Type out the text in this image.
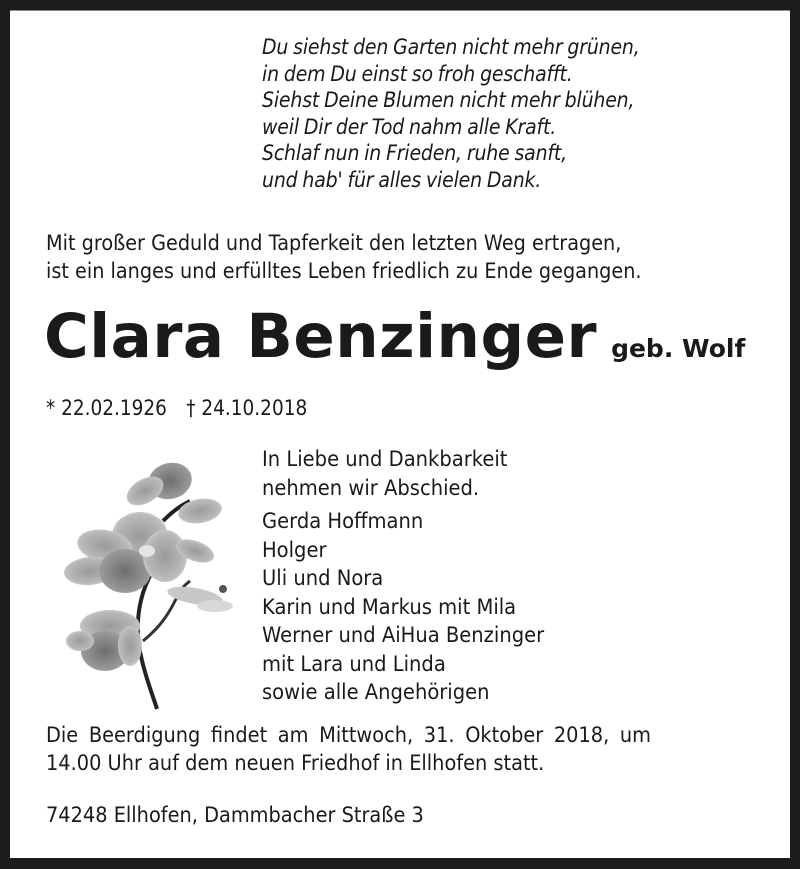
Du siehst den Garten nicht mehr grünen,
in dem Du einst so froh geschafft.
Siehst Deine Blumen nicht mehr blühen,
weil Dir der Tod nahm alle Kraft.
Schlaf nun in Frieden, ruhe sanft,
und hab' für alles vielen Dank.
Mit großer Geduld und Tapferkeit den letzten Weg ertragen,
ist ein langes und erfülltes Leben friedlich zu Ende gegangen.
Clara Benzinger geb. Wolf
* 22.02.1926 † 24.10.2018
In Liebe und Dankbarkeit
nehmen wir Abschied.
Gerda Hoffmann
Holger
Uli und Nora
Karin und Markus mit Mila
Werner und AiHua Benzinger
mit Lara und Linda
sowie alle Angehörigen
Die Beerdigung findet am Mittwoch, 31. Oktober 2018, um
14.00 Uhr auf dem neuen Friedhof in Ellhofen statt.
74248 Ellhofen, Dammbacher Straße 3
